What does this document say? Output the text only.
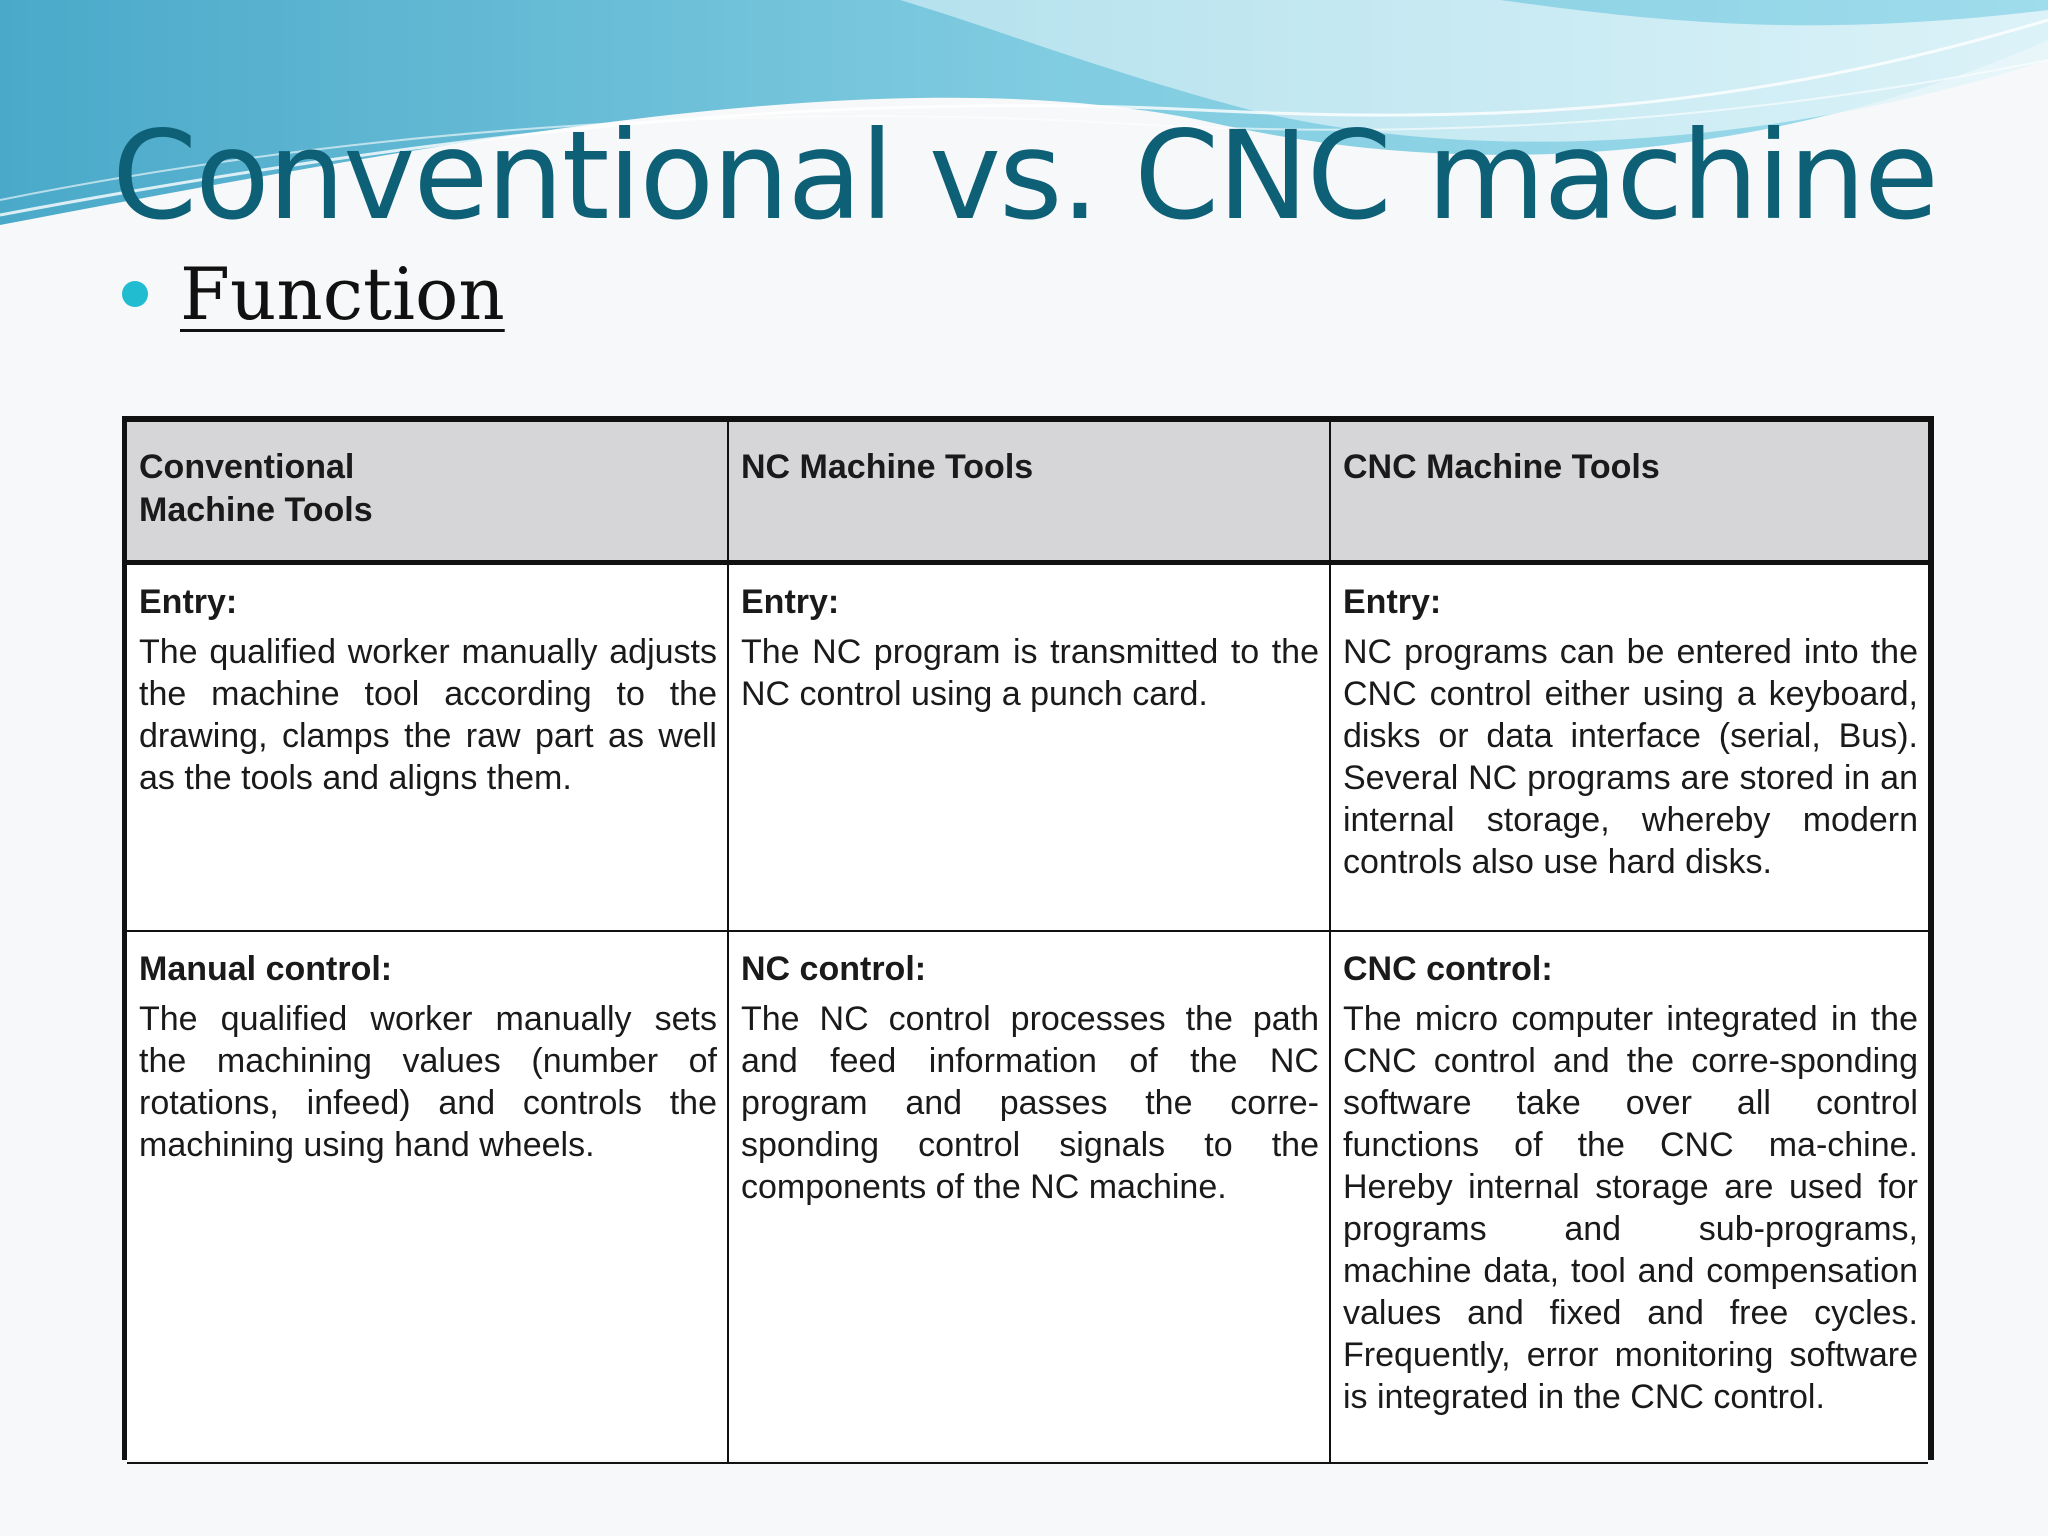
Conventional vs. CNC machine
Function
Conventional
Machine Tools
NC Machine Tools	CNC Machine Tools
Entry:
The qualified worker manually adjusts the machine tool according to the drawing, clamps the raw part as well as the tools and aligns them.
Entry:
The NC program is transmitted to the NC control using a punch card.
Entry:
NC programs can be entered into the CNC control either using a keyboard, disks or data interface (serial, Bus). Several NC programs are stored in an internal storage, whereby modern controls also use hard disks.
Manual control:
The qualified worker manually sets the machining values (number of rotations, infeed) and controls the machining using hand wheels.
NC control:
The NC control processes the path and feed information of the NC program and passes the corre-sponding control signals to the components of the NC machine.
CNC control:
The micro computer integrated in the CNC control and the corre-sponding software take over all control functions of the CNC ma-chine. Hereby internal storage are used for programs and sub-programs, machine data, tool and compensation values and fixed and free cycles. Frequently, error monitoring software is integrated in the CNC control.
